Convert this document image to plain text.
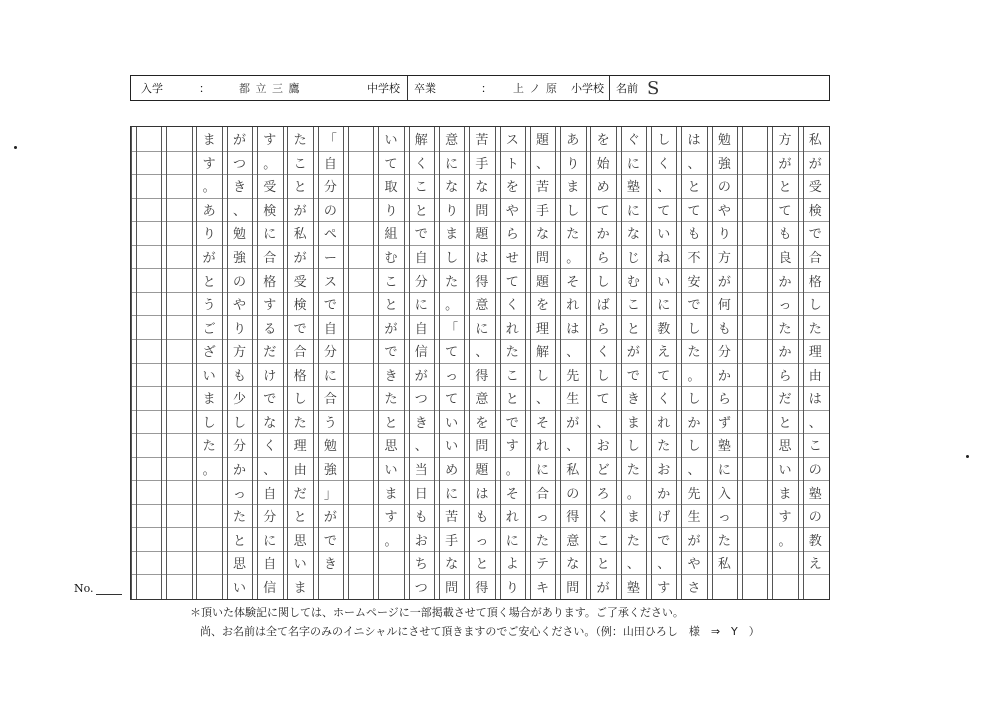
入学	：	都 立 三 鷹	中学校 卒業	： 上 ノ 原 小学校 名前 S
私
が
受
検
で
合
格
し
た
理
由
は
、
こ
の
塾
の
教
え
方
が
と
て
も
良
か
っ
た
か
ら
だ
と
思
い
ま
す
。
勉
強
の
や
り
方
が
何
も
分
か
ら
ず
塾
に
入
っ
た
私
は
、
と
て
も
不
安
で
し
た
。
し
か
し
、
先
生
が
や
さ
し
く
、
て
い
ね
い
に
教
え
て
く
れ
た
お
か
げ
で
、
す
ぐ
に
塾
に
な
じ
む
こ
と
が
で
き
ま
し
た
。
ま
た
、
塾
を
始
め
て
か
ら
し
ば
ら
く
し
て
、
お
ど
ろ
く
こ
と
が
あ
り
ま
し
た
。
そ
れ
は
、
先
生
が
、
私
の
得
意
な
問
題
、
苦
手
な
問
題
を
理
解
し
、
そ
れ
に
合
っ
た
テ
キ
ス
ト
を
や
ら
せ
て
く
れ
た
こ
と
で
す
。
そ
れ
に
よ
り
苦
手
な
問
題
は
得
意
に
、
得
意
を
問
題
は
も
っ
と
得
意
に
な
り
ま
し
た
。
「
て
っ
て
い
い
め
に
苦
手
な
問
解
く
こ
と
で
自
分
に
自
信
が
つ
き
、
当
日
も
お
ち
つ
い
て
取
り
組
む
こ
と
が
で
き
た
と
思
い
ま
す
。
「
自
分
の
ペ
ー
ス
で
自
分
に
合
う
勉
強
」
が
で
き
た
こ
と
が
私
が
受
検
で
合
格
し
た
理
由
だ
と
思
い
ま
す
。
受
検
に
合
格
す
る
だ
け
で
な
く
、
自
分
に
自
信
が
つ
き
、
勉
強
の
や
り
方
も
少
し
分
か
っ
た
と
思
い
ま
す
。
あ
り
が
と
う
ご
ざ
い
ま
し
た
。
No.
＊頂いた体験記に関しては、ホームページに一部掲載させて頂く場合があります。ご了承ください。
尚、お名前は全て名字のみのイニシャルにさせて頂きますのでご安心ください。（例：山田ひろし　様　⇒　Y　）
